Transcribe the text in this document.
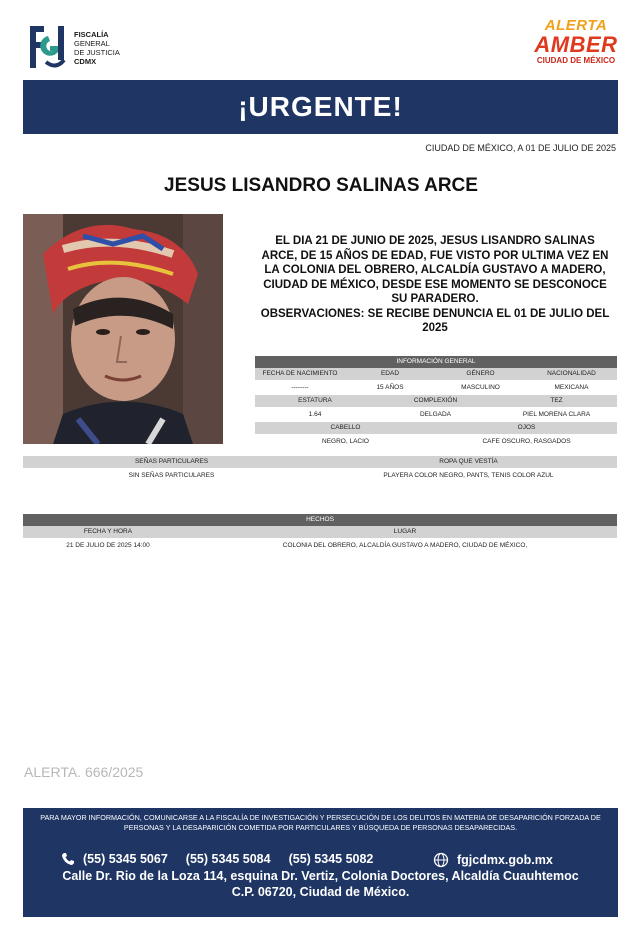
FISCALÍA
GENERAL
DE JUSTICIA
CDMX
ALERTA
AMBER
CIUDAD DE MÉXICO
¡URGENTE!
CIUDAD DE MÉXICO, A 01 DE JULIO DE 2025
JESUS LISANDRO SALINAS ARCE
EL DIA 21 DE JUNIO DE 2025, JESUS LISANDRO SALINAS ARCE, DE 15 AÑOS DE EDAD, FUE VISTO POR ULTIMA VEZ EN LA COLONIA DEL OBRERO, ALCALDÍA GUSTAVO A MADERO, CIUDAD DE MÉXICO, DESDE ESE MOMENTO SE DESCONOCE SU PARADERO.
OBSERVACIONES: SE RECIBE DENUNCIA EL 01 DE JULIO DEL 2025
INFORMACIÓN GENERAL
FECHA DE NACIMIENTO	EDAD	GÉNERO	NACIONALIDAD
--------	15 AÑOS	MASCULINO	MEXICANA
ESTATURA	COMPLEXIÓN	TEZ
1.64	DELGADA	PIEL MORENA CLARA
CABELLO	OJOS
NEGRO, LACIO	CAFE OSCURO, RASGADOS
SEÑAS PARTICULARES	ROPA QUE VESTÍA
SIN SEÑAS PARTICULARES	PLAYERA COLOR NEGRO, PANTS, TENIS COLOR AZUL
HECHOS
FECHA Y HORA	LUGAR
21 DE JULIO DE 2025 14:00	COLONIA DEL OBRERO, ALCALDÍA GUSTAVO A MADERO, CIUDAD DE MÉXICO,
ALERTA. 666/2025
PARA MAYOR INFORMACIÓN, COMUNICARSE A LA FISCALÍA DE INVESTIGACIÓN Y PERSECUCIÓN DE LOS DELITOS EN MATERIA DE DESAPARICIÓN FORZADA DE PERSONAS Y LA DESAPARICIÓN COMETIDA POR PARTICULARES Y BÚSQUEDA DE PERSONAS DESAPARECIDAS.
(55) 5345 5067 (55) 5345 5084 (55) 5345 5082	fgjcdmx.gob.mx
Calle Dr. Rio de la Loza 114, esquina Dr. Vertiz, Colonia Doctores, Alcaldía Cuauhtemoc
C.P. 06720, Ciudad de México.
